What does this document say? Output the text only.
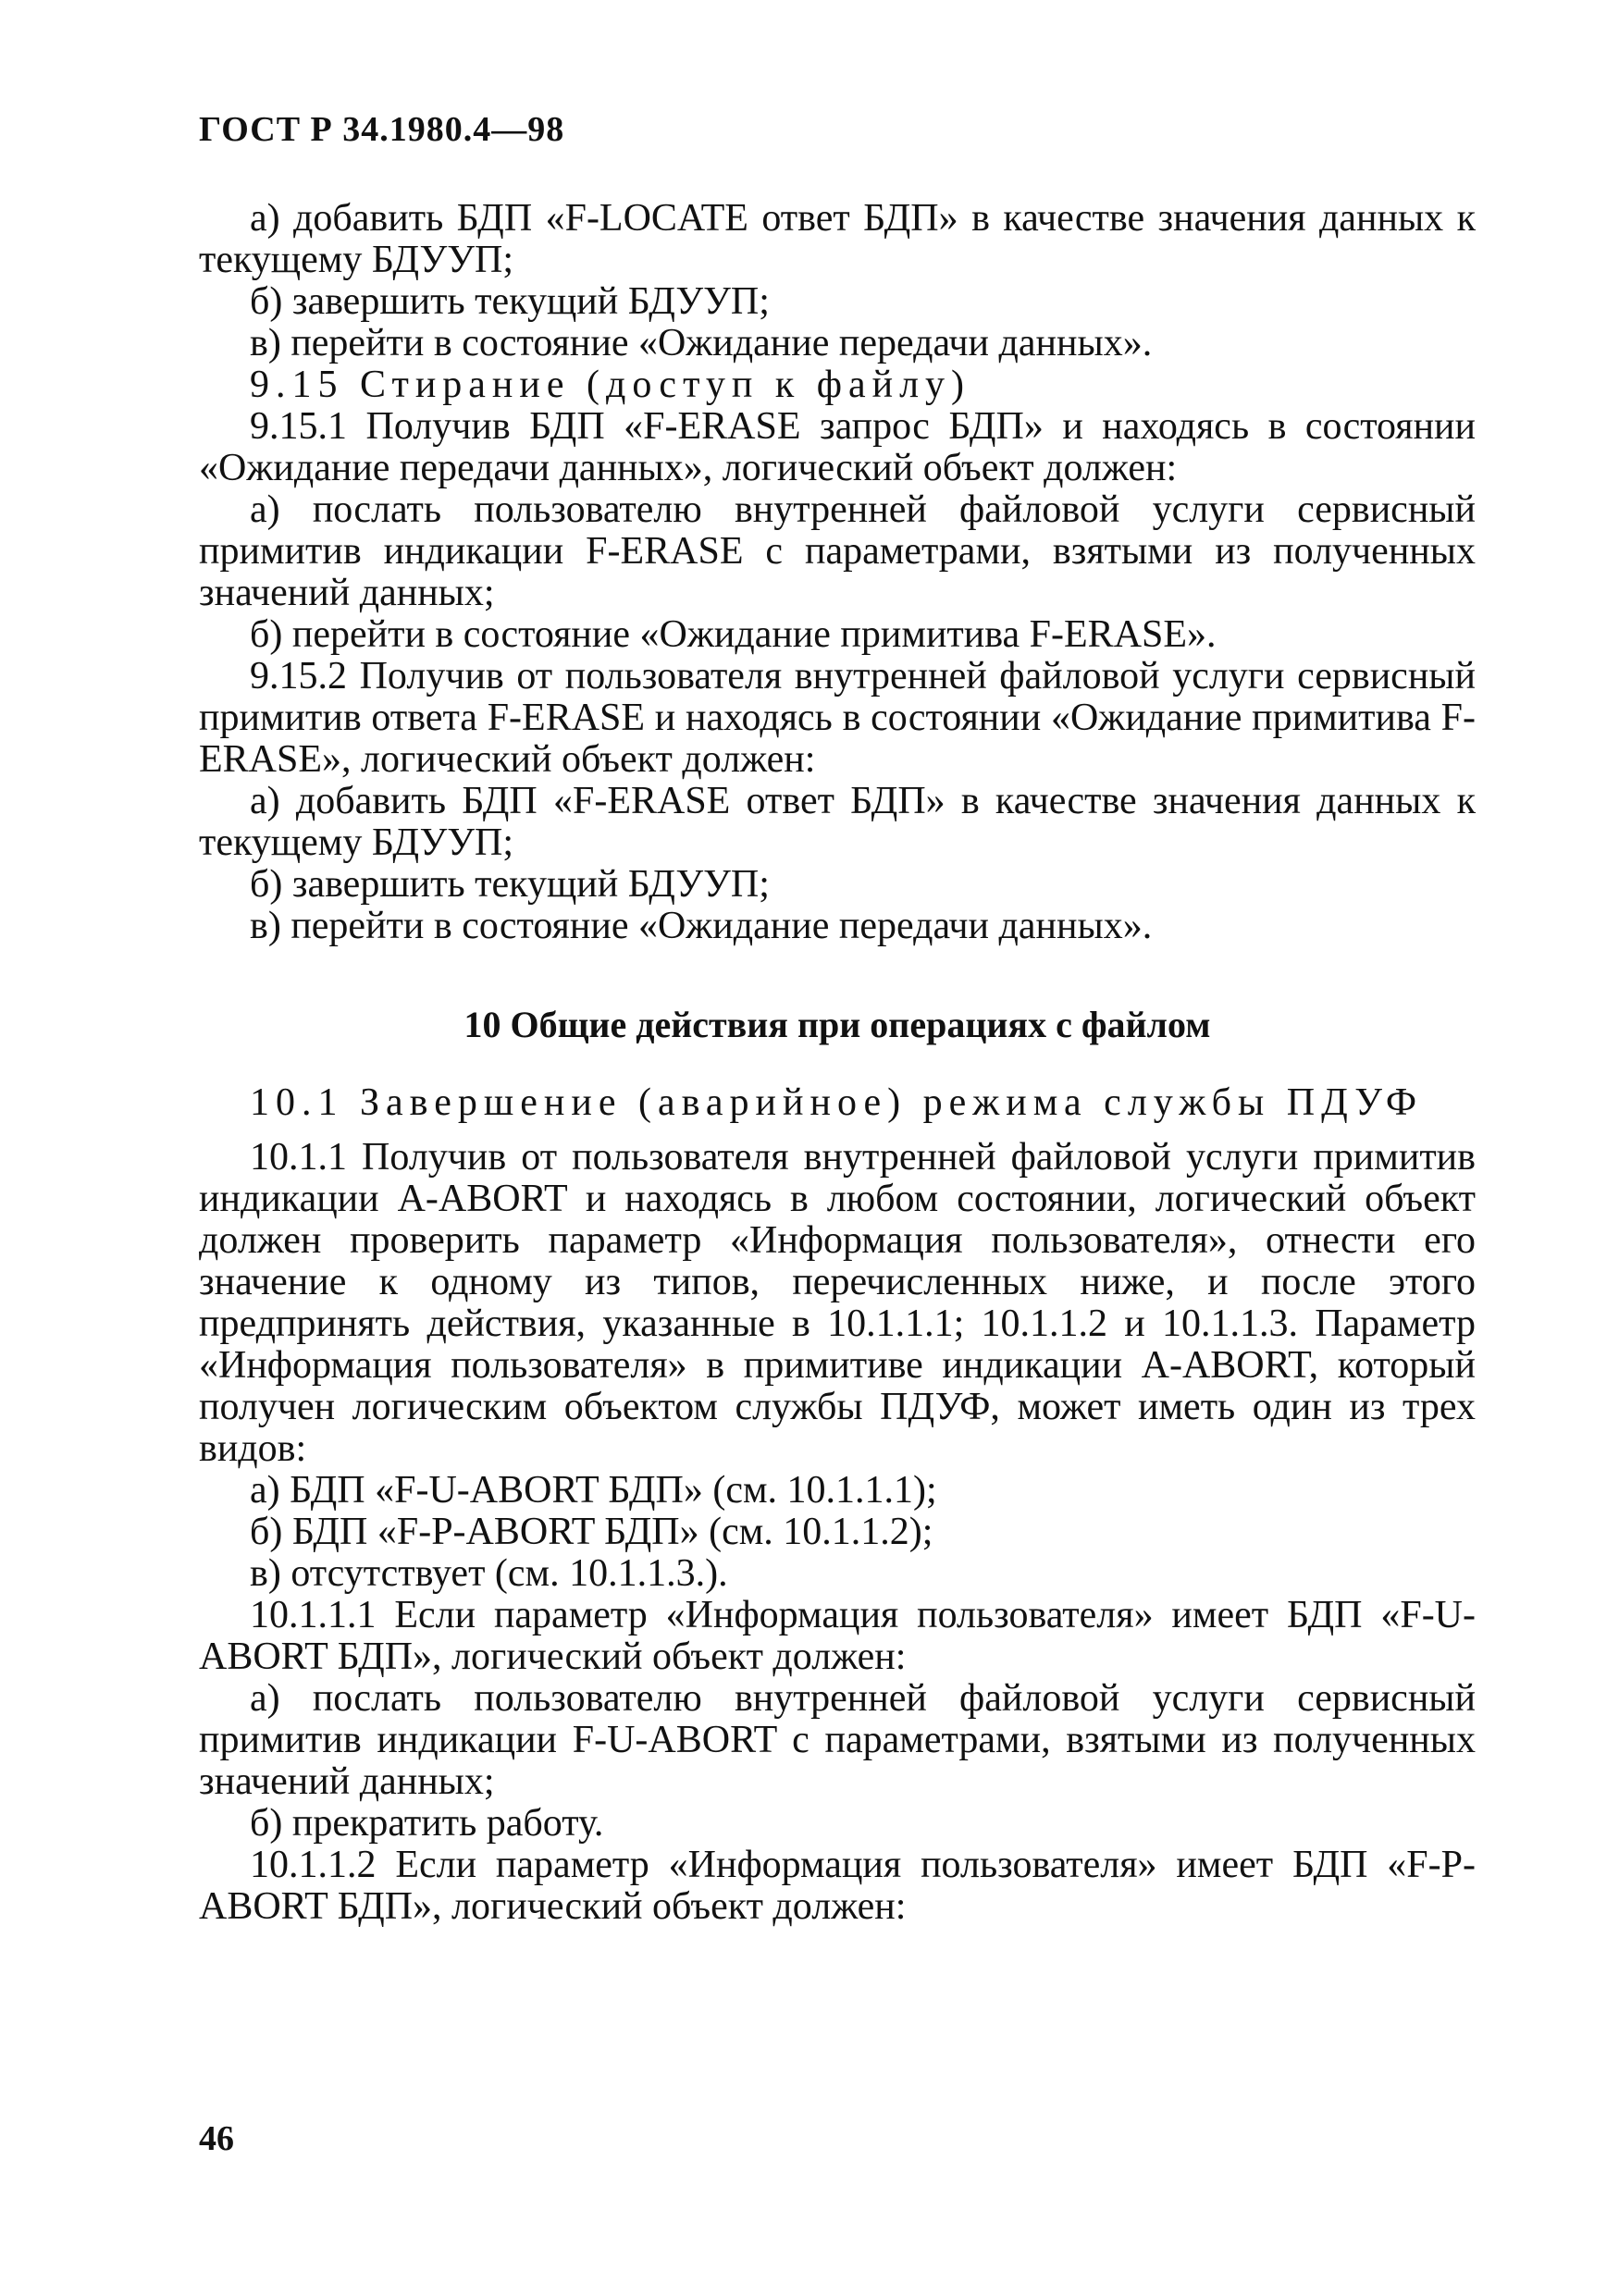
ГОСТ Р 34.1980.4—98

а) добавить БДП «F-LOCATE ответ БДП» в качестве значения данных к текущему БДУУП;

б) завершить текущий БДУУП;

в) перейти в состояние «Ожидание передачи данных».

9.15 Стирание (доступ к файлу)

9.15.1 Получив БДП «F-ERASE запрос БДП» и находясь в состоянии «Ожидание передачи данных», логический объект должен:

а) послать пользователю внутренней файловой услуги сервисный примитив индикации F-ERASE с параметрами, взятыми из полученных значений данных;

б) перейти в состояние «Ожидание примитива F-ERASE».

9.15.2 Получив от пользователя внутренней файловой услуги сервисный примитив ответа F-ERASE и находясь в состоянии «Ожидание примитива F-ERASE», логический объект должен:

а) добавить БДП «F-ERASE ответ БДП» в качестве значения данных к текущему БДУУП;

б) завершить текущий БДУУП;

в) перейти в состояние «Ожидание передачи данных».

10 Общие действия при операциях с файлом

10.1 Завершение (аварийное) режима службы ПДУФ

10.1.1 Получив от пользователя внутренней файловой услуги примитив индикации A-ABORT и находясь в любом состоянии, логический объект должен проверить параметр «Информация пользователя», отнести его значение к одному из типов, перечисленных ниже, и после этого предпринять действия, указанные в 10.1.1.1; 10.1.1.2 и 10.1.1.3. Параметр «Информация пользователя» в примитиве индикации A-ABORT, который получен логическим объектом службы ПДУФ, может иметь один из трех видов:

а) БДП «F-U-ABORT БДП» (см. 10.1.1.1);

б) БДП «F-P-ABORT БДП» (см. 10.1.1.2);

в) отсутствует (см. 10.1.1.3.).

10.1.1.1 Если параметр «Информация пользователя» имеет БДП «F-U-ABORT БДП», логический объект должен:

а) послать пользователю внутренней файловой услуги сервисный примитив индикации F-U-ABORT с параметрами, взятыми из полученных значений данных;

б) прекратить работу.

10.1.1.2 Если параметр «Информация пользователя» имеет БДП «F-P-ABORT БДП», логический объект должен:

46
